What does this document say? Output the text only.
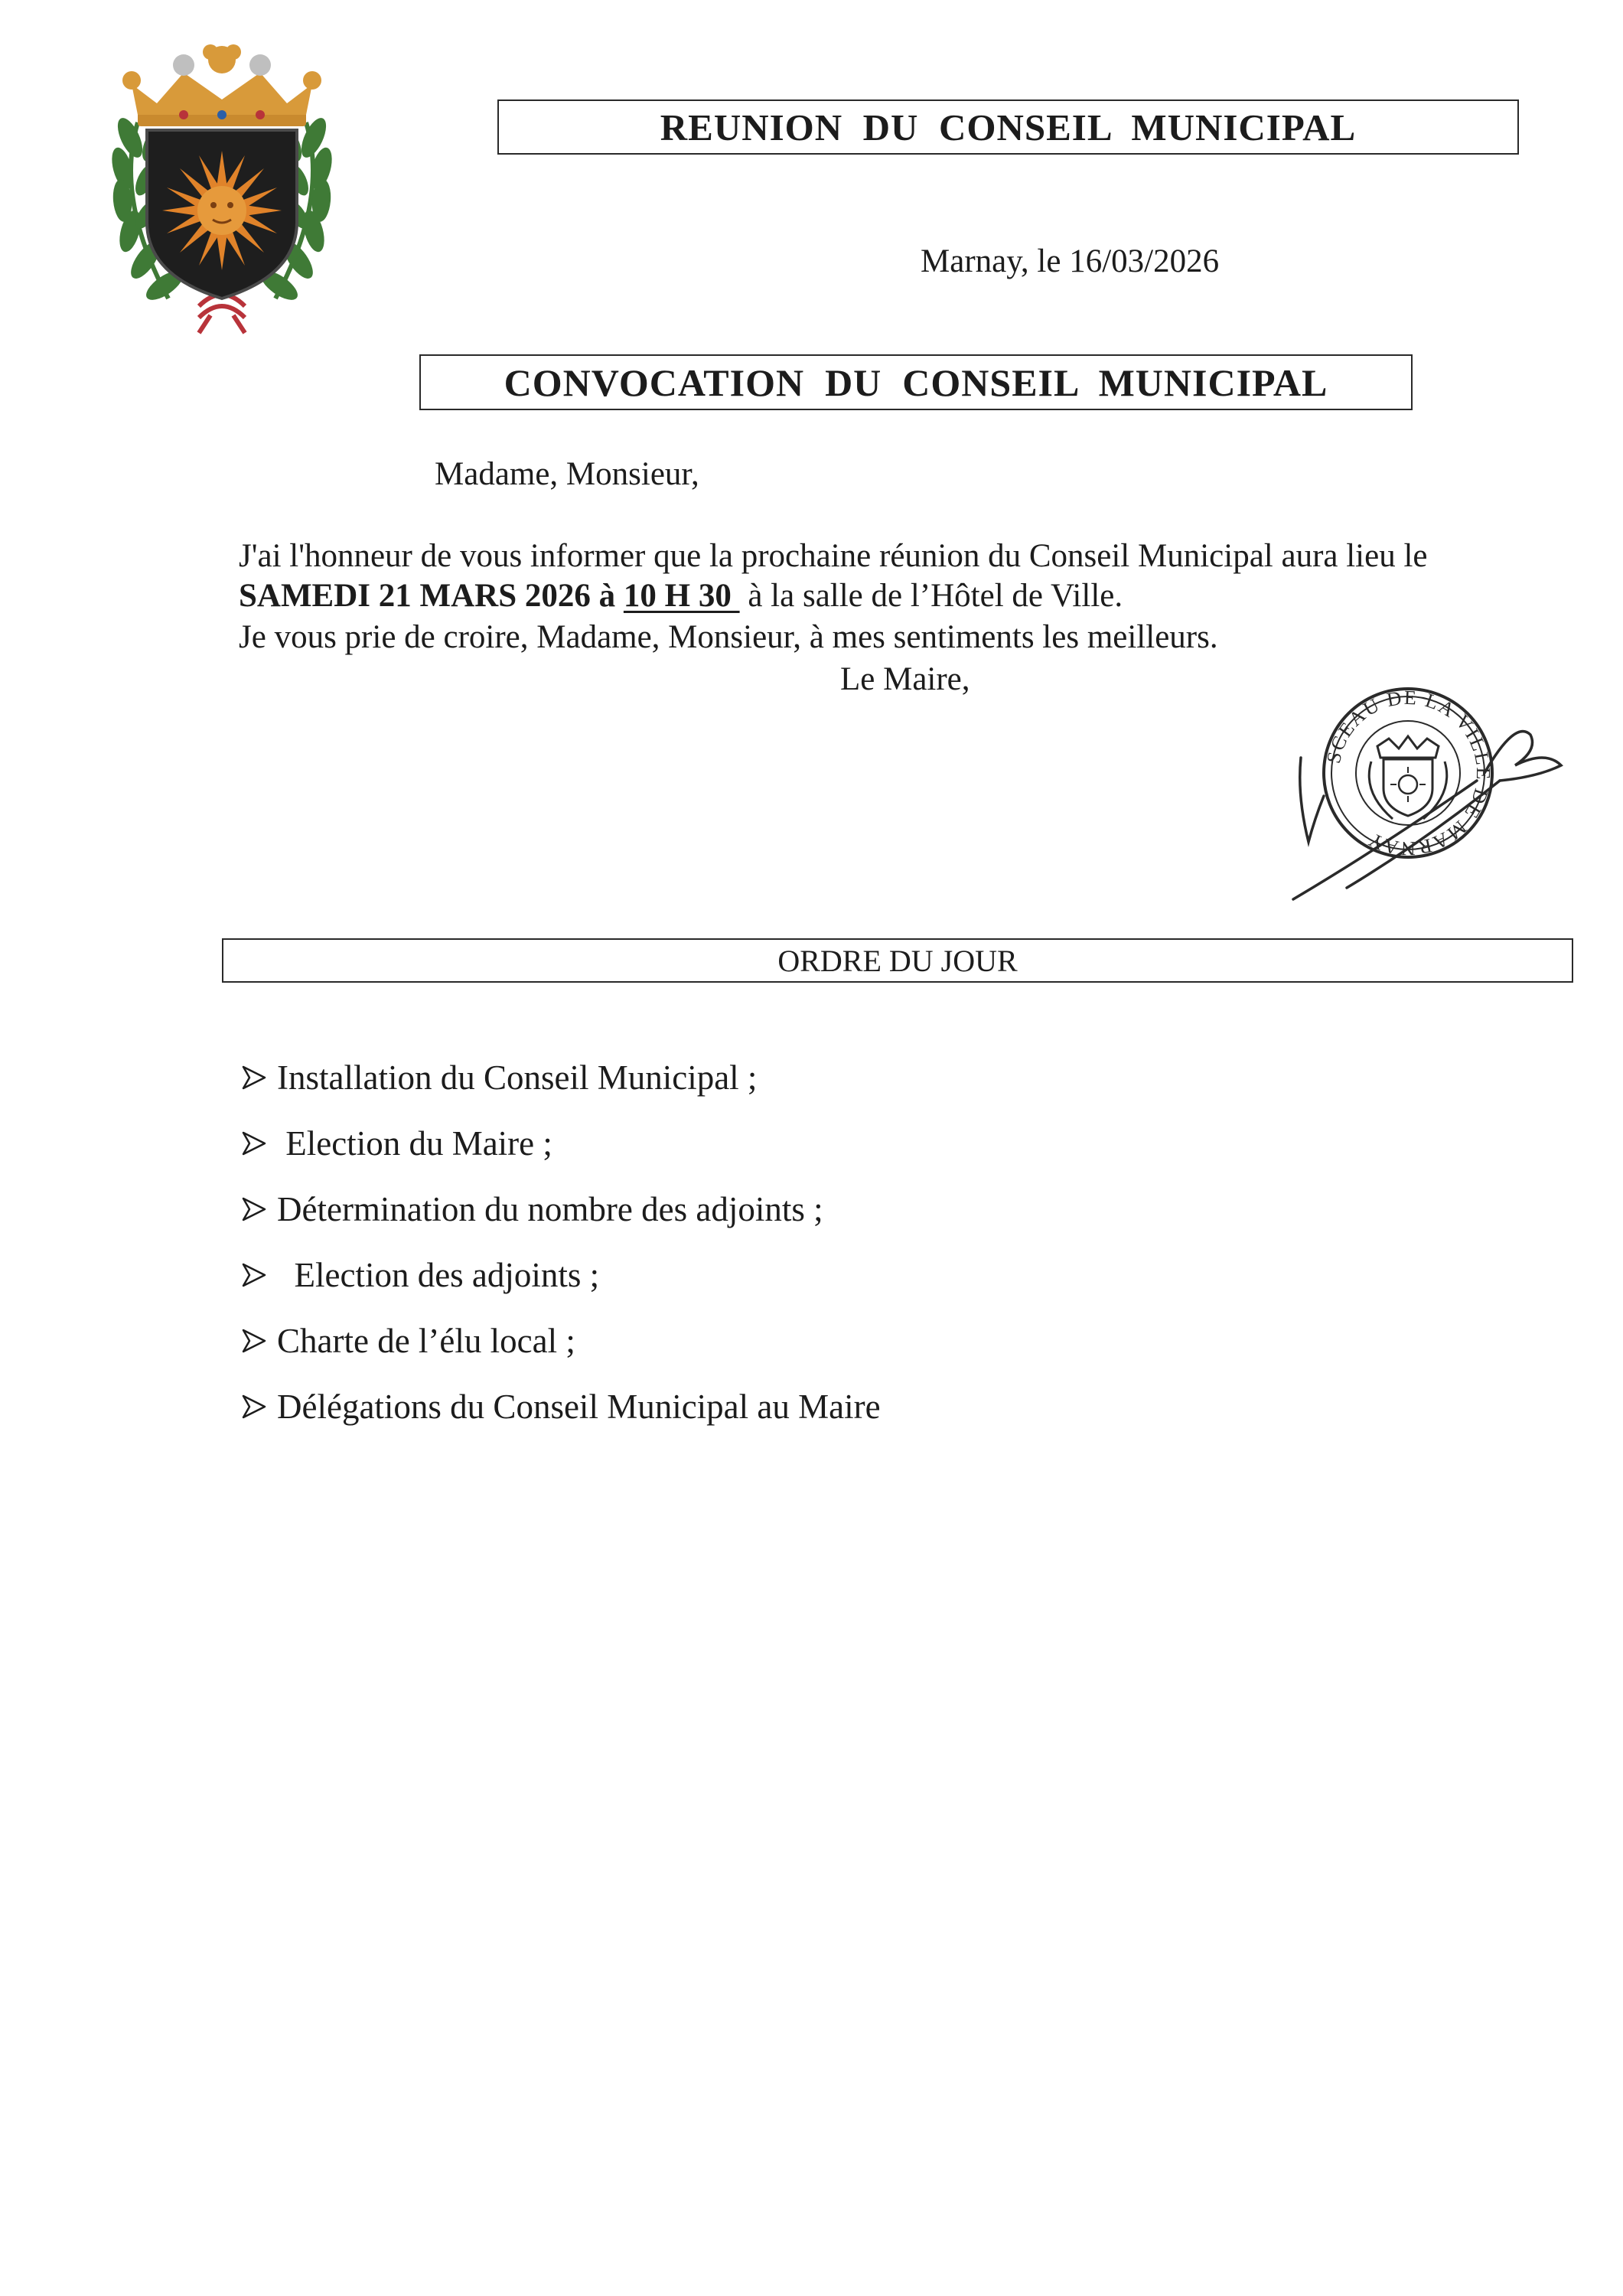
REUNION  DU  CONSEIL  MUNICIPAL
Marnay, le 16/03/2026
CONVOCATION  DU  CONSEIL  MUNICIPAL
Madame, Monsieur,
J'ai l'honneur de vous informer que la prochaine réunion du Conseil Municipal aura lieu le
SAMEDI 21 MARS 2026 à 10 H 30  à la salle de l’Hôtel de Ville.
Je vous prie de croire, Madame, Monsieur, à mes sentiments les meilleurs.
Le Maire,
SCEAU DE LA VILLE DE MARNAY
ORDRE DU JOUR
Installation du Conseil Municipal ;
Election du Maire ;
Détermination du nombre des adjoints ;
Election des adjoints ;
Charte de l’élu local ;
Délégations du Conseil Municipal au Maire
